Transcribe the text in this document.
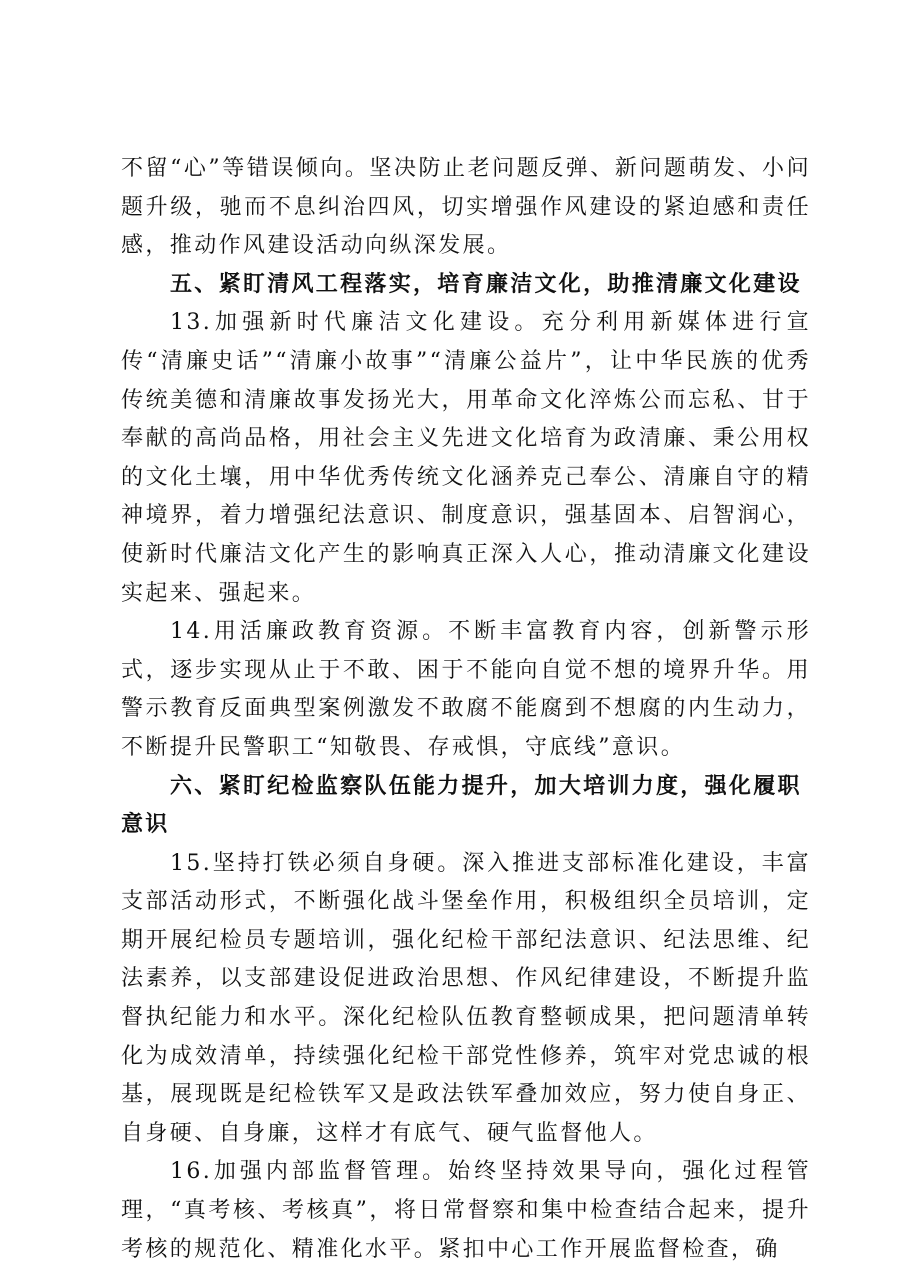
不留“心”等错误倾向。坚决防止老问题反弹、新问题萌发、小问题升级，驰而不息纠治四风，切实增强作风建设的紧迫感和责任感，推动作风建设活动向纵深发展。

五、紧盯清风工程落实，培育廉洁文化，助推清廉文化建设

13.加强新时代廉洁文化建设。充分利用新媒体进行宣传“清廉史话”“清廉小故事”“清廉公益片”，让中华民族的优秀传统美德和清廉故事发扬光大，用革命文化淬炼公而忘私、甘于奉献的高尚品格，用社会主义先进文化培育为政清廉、秉公用权的文化土壤，用中华优秀传统文化涵养克己奉公、清廉自守的精神境界，着力增强纪法意识、制度意识，强基固本、启智润心，使新时代廉洁文化产生的影响真正深入人心，推动清廉文化建设实起来、强起来。

14.用活廉政教育资源。不断丰富教育内容，创新警示形式，逐步实现从止于不敢、困于不能向自觉不想的境界升华。用警示教育反面典型案例激发不敢腐不能腐到不想腐的内生动力，不断提升民警职工“知敬畏、存戒惧，守底线”意识。

六、紧盯纪检监察队伍能力提升，加大培训力度，强化履职意识

15.坚持打铁必须自身硬。深入推进支部标准化建设，丰富支部活动形式，不断强化战斗堡垒作用，积极组织全员培训，定期开展纪检员专题培训，强化纪检干部纪法意识、纪法思维、纪法素养，以支部建设促进政治思想、作风纪律建设，不断提升监督执纪能力和水平。深化纪检队伍教育整顿成果，把问题清单转化为成效清单，持续强化纪检干部党性修养，筑牢对党忠诚的根基，展现既是纪检铁军又是政法铁军叠加效应，努力使自身正、自身硬、自身廉，这样才有底气、硬气监督他人。

16.加强内部监督管理。始终坚持效果导向，强化过程管理，“真考核、考核真”，将日常督察和集中检查结合起来，提升考核的规范化、精准化水平。紧扣中心工作开展监督检查，确
